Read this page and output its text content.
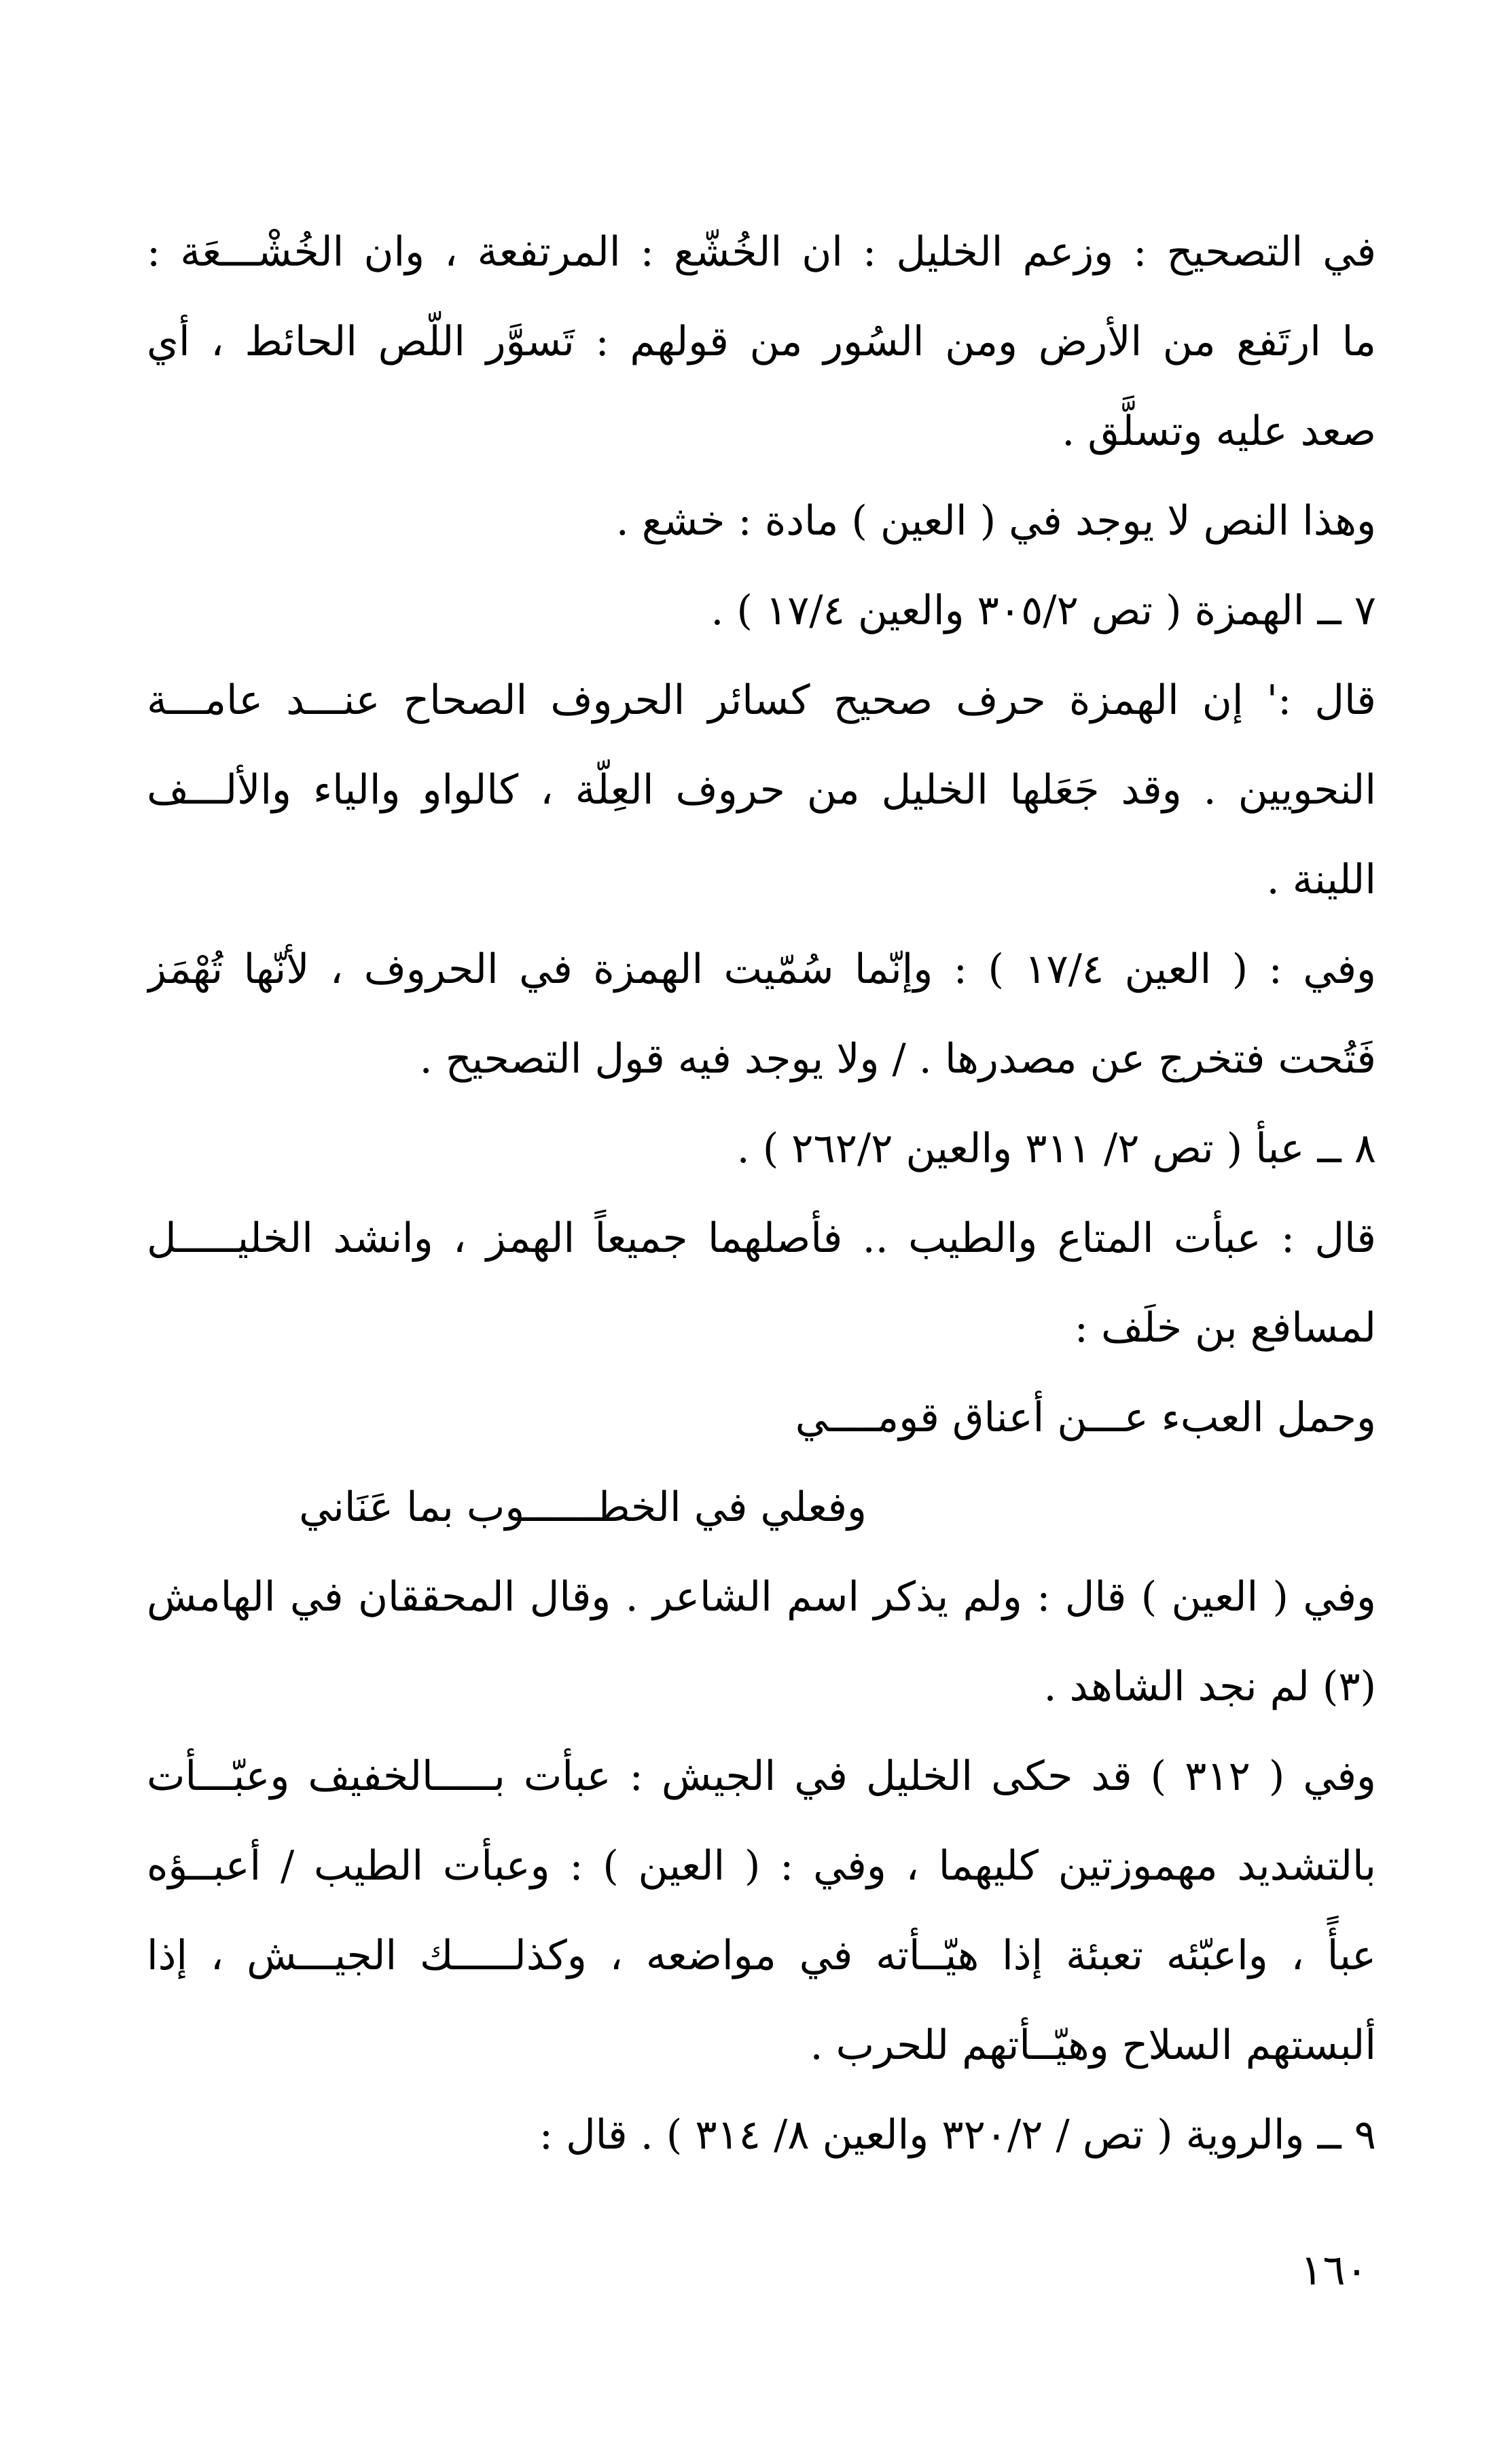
في التصحيح : وزعم الخليل : ان الخُشّع : المرتفعة ، وان الخُشْـــعَة :
ما ارتَفع من الأرض ومن السُور من قولهم : تَسوَّر اللّص الحائط ، أي
صعد عليه وتسلَّق .
وهذا النص لا يوجد في ( العين ) مادة : خشع .
٧ ــ الهمزة ( تص ٣٠٥/٢ والعين ١٧/٤ ) .
قال :' إن الهمزة حرف صحيح كسائر الحروف الصحاح عنـــد عامـــة
النحويين . وقد جَعَلها الخليل من حروف العِلّة ، كالواو والياء والألـــف
اللينة .
وفي : ( العين ١٧/٤ ) : وإنّما سُمّيت الهمزة في الحروف ، لأنّها تُهْمَز
فَتُحت فتخرج عن مصدرها . / ولا يوجد فيه قول التصحيح .
٨ ــ عبأ ( تص ٢/ ٣١١ والعين ٢٦٢/٢ ) .
قال : عبأت المتاع والطيب .. فأصلهما جميعاً الهمز ، وانشد الخليـــــل
لمسافع بن خلَف :
وحمل العبء عـــن أعناق قومــــي
وفعلي في الخطــــــوب بما عَنَاني
وفي ( العين ) قال : ولم يذكر اسم الشاعر . وقال المحققان في الهامش
(٣) لم نجد الشاهد .
وفي ( ٣١٢ ) قد حكى الخليل في الجيش : عبأت بـــــالخفيف وعبّـــأت
بالتشديد مهموزتين كليهما ، وفي : ( العين ) : وعبأت الطيب / أعبــؤه
عبأً ، واعبّئه تعبئة إذا هيّــأته في مواضعه ، وكذلـــــك الجيـــش ، إذا
ألبستهم السلاح وهيّــأتهم للحرب .
٩ ــ والروية ( تص / ٣٢٠/٢ والعين ٨/ ٣١٤ ) . قال :
١٦٠
